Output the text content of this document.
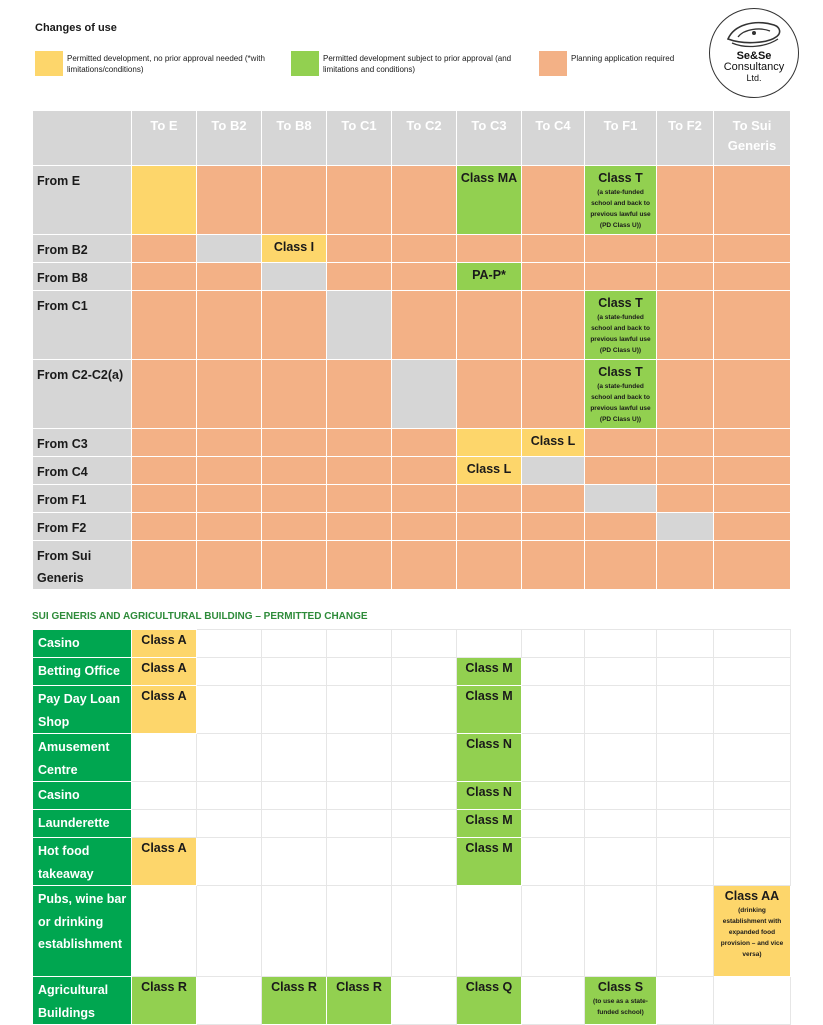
Changes of use
Permitted development, no prior approval needed (*with limitations/conditions)
Permitted development subject to prior approval (and limitations and conditions)
Planning application required	Se&Se
Consultancy
Ltd.
	To E	To B2	To B8	To C1	To C2	To C3	To C4	To F1	To F2	To Sui Generis
From E						Class MA		Class T
(a state-funded school and back to previous lawful use (PD Class U))		

From B2			Class I							

From B8						PA-P*				

From C1								Class T
(a state-funded school and back to previous lawful use (PD Class U))		

From C2-C2(a)								Class T
(a state-funded school and back to previous lawful use (PD Class U))		

From C3							Class L			

From C4						Class L				

From F1										
From F2										
From Sui Generis										
SUI GENERIS AND AGRICULTURAL BUILDING – PERMITTED CHANGE
Casino	Class A									

Betting Office	Class A					Class M				

Pay Day Loan Shop	Class A					Class M				

Amusement Centre						Class N				

Casino						Class N				

Launderette						Class M				

Hot food takeaway	Class A					Class M				

Pubs, wine bar or drinking establishment										Class AA
(drinking establishment with expanded food provision – and vice versa)

Agricultural Buildings	Class R		Class R	Class R		Class Q		Class S
(to use as a state-funded school)		
